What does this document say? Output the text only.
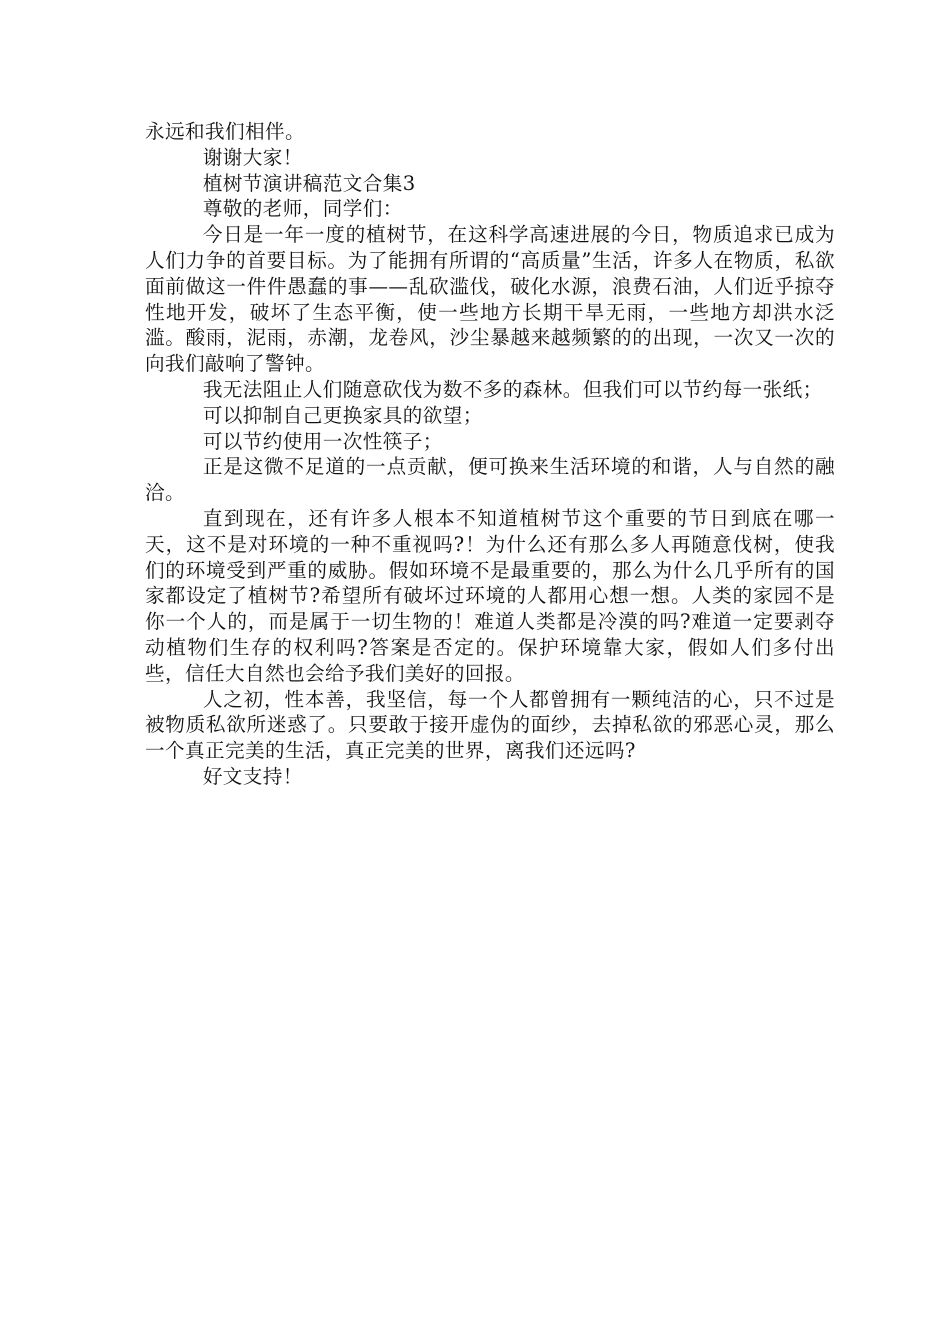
永远和我们相伴。

谢谢大家！

植树节演讲稿范文合集3

尊敬的老师，同学们：

今日是一年一度的植树节，在这科学高速进展的今日，物质追求已成为人们力争的首要目标。为了能拥有所谓的“高质量”生活，许多人在物质，私欲面前做这一件件愚蠢的事——乱砍滥伐，破化水源，浪费石油，人们近乎掠夺性地开发，破坏了生态平衡，使一些地方长期干旱无雨，一些地方却洪水泛滥。酸雨，泥雨，赤潮，龙卷风，沙尘暴越来越频繁的的出现，一次又一次的向我们敲响了警钟。

我无法阻止人们随意砍伐为数不多的森林。但我们可以节约每一张纸；

可以抑制自己更换家具的欲望；

可以节约使用一次性筷子；

正是这微不足道的一点贡献，便可换来生活环境的和谐，人与自然的融洽。

直到现在，还有许多人根本不知道植树节这个重要的节日到底在哪一天，这不是对环境的一种不重视吗?！为什么还有那么多人再随意伐树，使我们的环境受到严重的威胁。假如环境不是最重要的，那么为什么几乎所有的国家都设定了植树节?希望所有破坏过环境的人都用心想一想。人类的家园不是你一个人的，而是属于一切生物的！难道人类都是冷漠的吗?难道一定要剥夺动植物们生存的权利吗?答案是否定的。保护环境靠大家，假如人们多付出些，信任大自然也会给予我们美好的回报。

人之初，性本善，我坚信，每一个人都曾拥有一颗纯洁的心，只不过是被物质私欲所迷惑了。只要敢于接开虚伪的面纱，去掉私欲的邪恶心灵，那么一个真正完美的生活，真正完美的世界，离我们还远吗?

好文支持！
